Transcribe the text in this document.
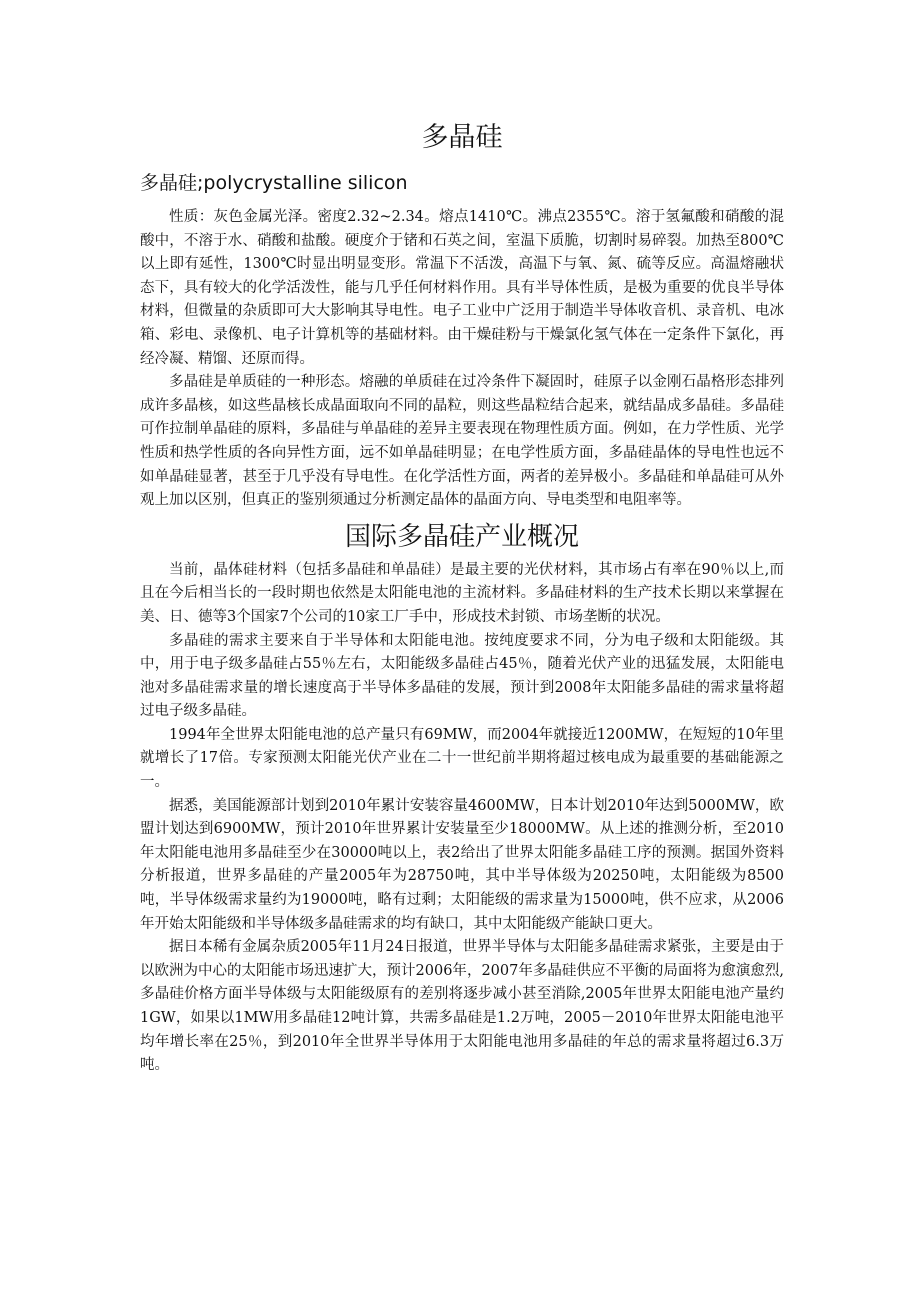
多晶硅
多晶硅;polycrystalline silicon

性质：灰色金属光泽。密度2.32~2.34。熔点1410℃。沸点2355℃。溶于氢氟酸和硝酸的混酸中，不溶于水、硝酸和盐酸。硬度介于锗和石英之间，室温下质脆，切割时易碎裂。加热至800℃以上即有延性，1300℃时显出明显变形。常温下不活泼，高温下与氧、氮、硫等反应。高温熔融状态下，具有较大的化学活泼性，能与几乎任何材料作用。具有半导体性质，是极为重要的优良半导体材料，但微量的杂质即可大大影响其导电性。电子工业中广泛用于制造半导体收音机、录音机、电冰箱、彩电、录像机、电子计算机等的基础材料。由干燥硅粉与干燥氯化氢气体在一定条件下氯化，再经冷凝、精馏、还原而得。

多晶硅是单质硅的一种形态。熔融的单质硅在过冷条件下凝固时，硅原子以金刚石晶格形态排列成许多晶核，如这些晶核长成晶面取向不同的晶粒，则这些晶粒结合起来，就结晶成多晶硅。多晶硅可作拉制单晶硅的原料，多晶硅与单晶硅的差异主要表现在物理性质方面。例如，在力学性质、光学性质和热学性质的各向异性方面，远不如单晶硅明显；在电学性质方面，多晶硅晶体的导电性也远不如单晶硅显著，甚至于几乎没有导电性。在化学活性方面，两者的差异极小。多晶硅和单晶硅可从外观上加以区别，但真正的鉴别须通过分析测定晶体的晶面方向、导电类型和电阻率等。

国际多晶硅产业概况

当前，晶体硅材料（包括多晶硅和单晶硅）是最主要的光伏材料，其市场占有率在90％以上,而且在今后相当长的一段时期也依然是太阳能电池的主流材料。多晶硅材料的生产技术长期以来掌握在美、日、德等3个国家7个公司的10家工厂手中，形成技术封锁、市场垄断的状况。

多晶硅的需求主要来自于半导体和太阳能电池。按纯度要求不同，分为电子级和太阳能级。其中，用于电子级多晶硅占55％左右，太阳能级多晶硅占45％，随着光伏产业的迅猛发展，太阳能电池对多晶硅需求量的增长速度高于半导体多晶硅的发展，预计到2008年太阳能多晶硅的需求量将超过电子级多晶硅。

1994年全世界太阳能电池的总产量只有69MW，而2004年就接近1200MW，在短短的10年里就增长了17倍。专家预测太阳能光伏产业在二十一世纪前半期将超过核电成为最重要的基础能源之一。

据悉，美国能源部计划到2010年累计安装容量4600MW，日本计划2010年达到5000MW，欧盟计划达到6900MW，预计2010年世界累计安装量至少18000MW。从上述的推测分析，至2010年太阳能电池用多晶硅至少在30000吨以上，表2给出了世界太阳能多晶硅工序的预测。据国外资料分析报道，世界多晶硅的产量2005年为28750吨，其中半导体级为20250吨，太阳能级为8500吨，半导体级需求量约为19000吨，略有过剩；太阳能级的需求量为15000吨，供不应求，从2006年开始太阳能级和半导体级多晶硅需求的均有缺口，其中太阳能级产能缺口更大。

据日本稀有金属杂质2005年11月24日报道，世界半导体与太阳能多晶硅需求紧张，主要是由于以欧洲为中心的太阳能市场迅速扩大，预计2006年，2007年多晶硅供应不平衡的局面将为愈演愈烈,多晶硅价格方面半导体级与太阳能级原有的差别将逐步减小甚至消除,2005年世界太阳能电池产量约1GW，如果以1MW用多晶硅12吨计算，共需多晶硅是1.2万吨，2005－2010年世界太阳能电池平均年增长率在25％，到2010年全世界半导体用于太阳能电池用多晶硅的年总的需求量将超过6.3万吨。
